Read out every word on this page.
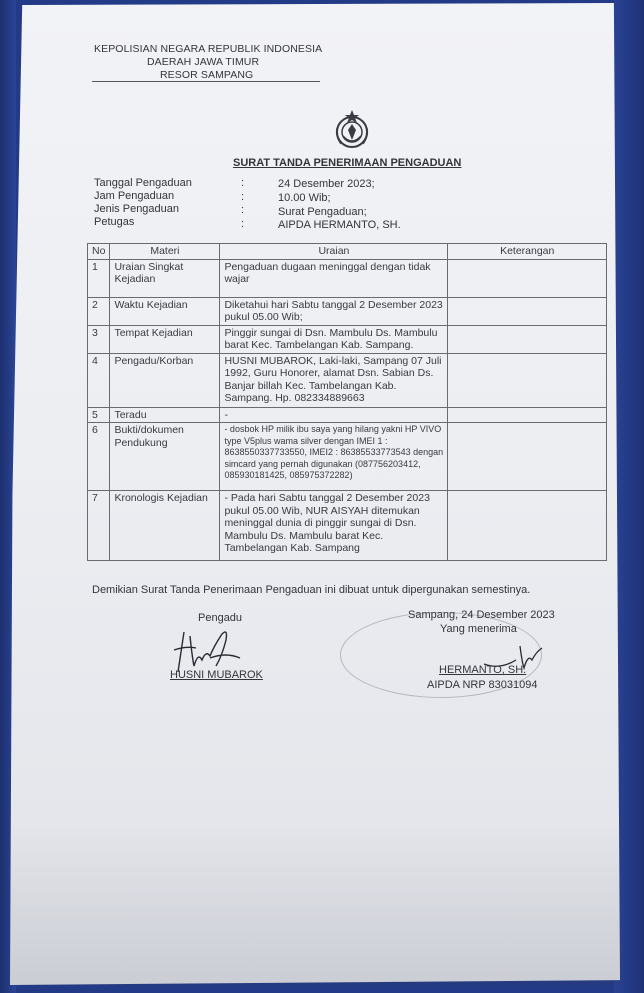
KEPOLISIAN NEGARA REPUBLIK INDONESIA
DAERAH JAWA TIMUR
RESOR SAMPANG
SURAT TANDA PENERIMAAN PENGADUAN
Tanggal Pengaduan	:	24 Desember 2023;
Jam Pengaduan	:	10.00 Wib;
Jenis Pengaduan	:	Surat Pengaduan;
Petugas	:	AIPDA HERMANTO, SH.
No	Materi	Uraian	Keterangan
1	Uraian Singkat Kejadian	Pengaduan dugaan meninggal dengan tidak wajar	
2	Waktu Kejadian	Diketahui hari Sabtu tanggal 2 Desember 2023 pukul 05.00 Wib;	
3	Tempat Kejadian	Pinggir sungai di Dsn. Mambulu Ds. Mambulu barat Kec. Tambelangan Kab. Sampang.	
4	Pengadu/Korban	HUSNI MUBAROK, Laki-laki, Sampang 07 Juli 1992, Guru Honorer, alamat Dsn. Sabian Ds. Banjar billah Kec. Tambelangan Kab. Sampang. Hp. 082334889663	
5	Teradu	-	
6	Bukti/dokumen Pendukung	- dosbok HP milik ibu saya yang hilang yakni HP VIVO type V5plus wama silver dengan IMEI 1 : 8638550337733550, IMEI2 : 86385533773543 dengan simcard yang pernah digunakan (087756203412, 085930181425, 085975372282)	
7	Kronologis Kejadian	- Pada hari Sabtu tanggal 2 Desember 2023 pukul 05.00 Wib, NUR AISYAH ditemukan meninggal dunia di pinggir sungai di Dsn. Mambulu Ds. Mambulu barat Kec. Tambelangan Kab. Sampang	
Demikian Surat Tanda Penerimaan Pengaduan ini dibuat untuk dipergunakan semestinya.
Pengadu
HUSNI MUBAROK
Sampang, 24 Desember 2023
Yang menerima
HERMANTO, SH.
AIPDA NRP 83031094
